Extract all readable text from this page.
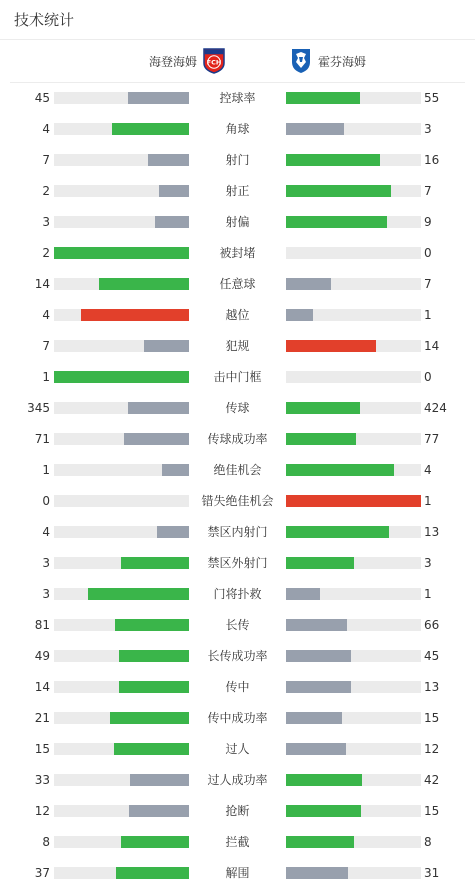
技术统计
海登海姆 FCH	霍芬海姆
45	控球率	55
4	角球	3
7	射门	16
2	射正	7
3	射偏	9
2	被封堵	0
14	任意球	7
4	越位	1
7	犯规	14
1	击中门框	0
345	传球	424
71	传球成功率	77
1	绝佳机会	4
0	错失绝佳机会	1
4	禁区内射门	13
3	禁区外射门	3
3	门将扑救	1
81	长传	66
49	长传成功率	45
14	传中	13
21	传中成功率	15
15	过人	12
33	过人成功率	42
12	抢断	15
8	拦截	8
37	解围	31
